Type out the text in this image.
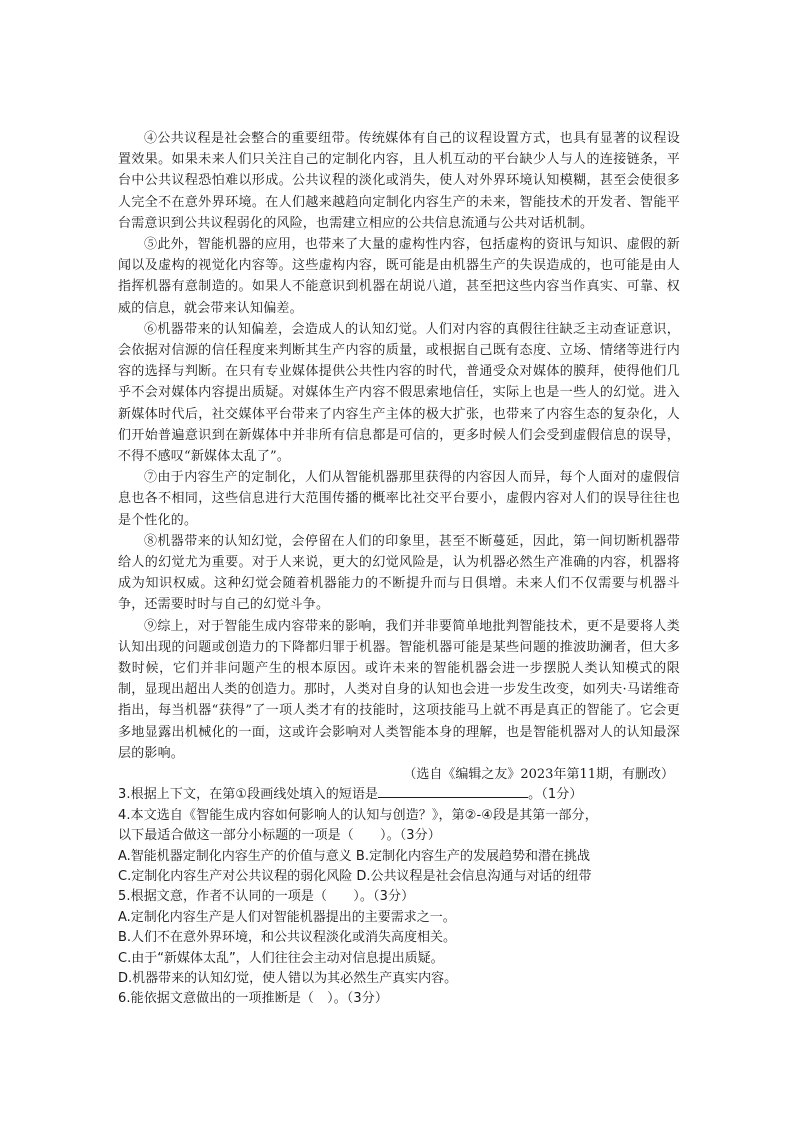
④公共议程是社会整合的重要纽带。传统媒体有自己的议程设置方式，也具有显著的议程设置效果。如果未来人们只关注自己的定制化内容，且人机互动的平台缺少人与人的连接链条，平台中公共议程恐怕难以形成。公共议程的淡化或消失，使人对外界环境认知模糊，甚至会使很多人完全不在意外界环境。在人们越来越趋向定制化内容生产的未来，智能技术的开发者、智能平台需意识到公共议程弱化的风险，也需建立相应的公共信息流通与公共对话机制。

⑤此外，智能机器的应用，也带来了大量的虚构性内容，包括虚构的资讯与知识、虚假的新闻以及虚构的视觉化内容等。这些虚构内容，既可能是由机器生产的失误造成的，也可能是由人指挥机器有意制造的。如果人不能意识到机器在胡说八道，甚至把这些内容当作真实、可靠、权威的信息，就会带来认知偏差。

⑥机器带来的认知偏差，会造成人的认知幻觉。人们对内容的真假往往缺乏主动查证意识，会依据对信源的信任程度来判断其生产内容的质量，或根据自己既有态度、立场、情绪等进行内容的选择与判断。在只有专业媒体提供公共性内容的时代，普通受众对媒体的膜拜，使得他们几乎不会对媒体内容提出质疑。对媒体生产内容不假思索地信任，实际上也是一些人的幻觉。进入新媒体时代后，社交媒体平台带来了内容生产主体的极大扩张，也带来了内容生态的复杂化，人们开始普遍意识到在新媒体中并非所有信息都是可信的，更多时候人们会受到虚假信息的误导，不得不感叹“新媒体太乱了”。

⑦由于内容生产的定制化，人们从智能机器那里获得的内容因人而异，每个人面对的虚假信息也各不相同，这些信息进行大范围传播的概率比社交平台要小，虚假内容对人们的误导往往也是个性化的。

⑧机器带来的认知幻觉，会停留在人们的印象里，甚至不断蔓延，因此，第一间切断机器带给人的幻觉尤为重要。对于人来说，更大的幻觉风险是，认为机器必然生产准确的内容，机器将成为知识权威。这种幻觉会随着机器能力的不断提升而与日俱增。未来人们不仅需要与机器斗争，还需要时时与自己的幻觉斗争。

⑨综上，对于智能生成内容带来的影响，我们并非要简单地批判智能技术，更不是要将人类认知出现的问题或创造力的下降都归罪于机器。智能机器可能是某些问题的推波助澜者，但大多数时候，它们并非问题产生的根本原因。或许未来的智能机器会进一步摆脱人类认知模式的限制，显现出超出人类的创造力。那时，人类对自身的认知也会进一步发生改变，如列夫·马诺维奇指出，每当机器“获得”了一项人类才有的技能时，这项技能马上就不再是真正的智能了。它会更多地显露出机械化的一面，这或许会影响对人类智能本身的理解，也是智能机器对人的认知最深层的影响。

（选自《编辑之友》2023年第11期，有删改）

3.根据上下文，在第①段画线处填入的短语是	。（1分）

4.本文选自《智能生成内容如何影响人的认知与创造？》，第②-④段是其第一部分，

以下最适合做这一部分小标题的一项是（　　）。（3分）

A.智能机器定制化内容生产的价值与意义 B.定制化内容生产的发展趋势和潜在挑战

C.定制化内容生产对公共议程的弱化风险 D.公共议程是社会信息沟通与对话的纽带

5.根据文意，作者不认同的一项是（　　）。（3分）

A.定制化内容生产是人们对智能机器提出的主要需求之一。

B.人们不在意外界环境，和公共议程淡化或消失高度相关。

C.由于“新媒体太乱”，人们往往会主动对信息提出质疑。

D.机器带来的认知幻觉，使人错以为其必然生产真实内容。

6.能依据文意做出的一项推断是（　）。（3分）
